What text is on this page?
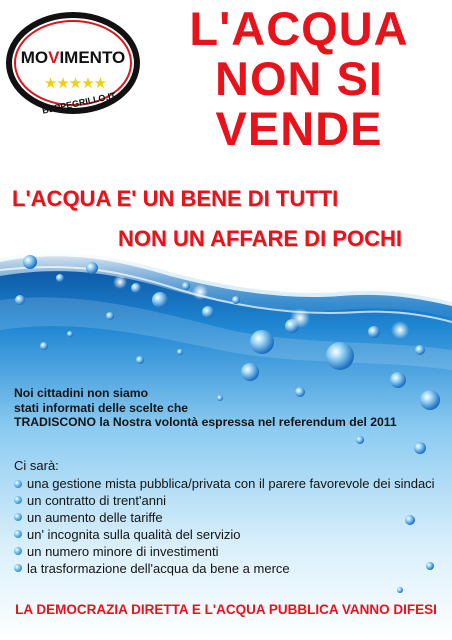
MOVIMENTO
★★★★★
BEPPEGRILLO.IT
L'ACQUA
NON SI
VENDE
L'ACQUA E' UN BENE DI TUTTI
NON UN AFFARE DI POCHI
Noi cittadini non siamo
stati informati delle scelte che
TRADISCONO la Nostra volontà espressa nel referendum del 2011
Ci sarà:
una gestione mista pubblica/privata con il parere favorevole dei sindaci
un contratto di trent'anni
un aumento delle tariffe
un' incognita sulla qualità del servizio
un numero minore di investimenti
la trasformazione dell'acqua da bene a merce
LA DEMOCRAZIA DIRETTA E L'ACQUA PUBBLICA VANNO DIFESI
